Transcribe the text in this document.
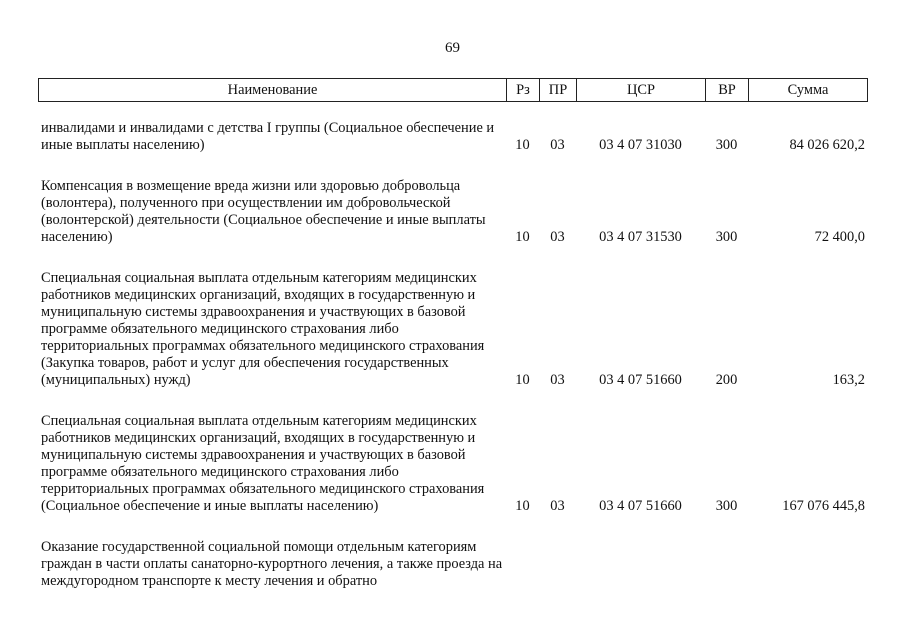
69
Наименование	Рз	ПР	ЦСР	ВР	Сумма
инвалидами и инвалидами с детства I группы (Социальное обеспечение и иные выплаты населению)	10	03	03 4 07 31030	300	84 026 620,2

Компенсация в возмещение вреда жизни или здоровью добровольца (волонтера), полученного при осуществлении им добровольческой (волонтерской) деятельности (Социальное обеспечение и иные выплаты населению)	10	03	03 4 07 31530	300	72 400,0

Специальная социальная выплата отдельным категориям медицинских работников медицинских организаций, входящих в государственную и муниципальную системы здравоохранения и участвующих в базовой программе обязательного медицинского страхования либо территориальных программах обязательного медицинского страхования (Закупка товаров, работ и услуг для обеспечения государственных (муниципальных) нужд)	10	03	03 4 07 51660	200	163,2

Специальная социальная выплата отдельным категориям медицинских работников медицинских организаций, входящих в государственную и муниципальную системы здравоохранения и участвующих в базовой программе обязательного медицинского страхования либо территориальных программах обязательного медицинского страхования (Социальное обеспечение и иные выплаты населению)	10	03	03 4 07 51660	300	167 076 445,8

Оказание государственной социальной помощи отдельным категориям граждан в части оплаты санаторно-курортного лечения, а также проезда на междугородном транспорте к месту лечения и обратно					
